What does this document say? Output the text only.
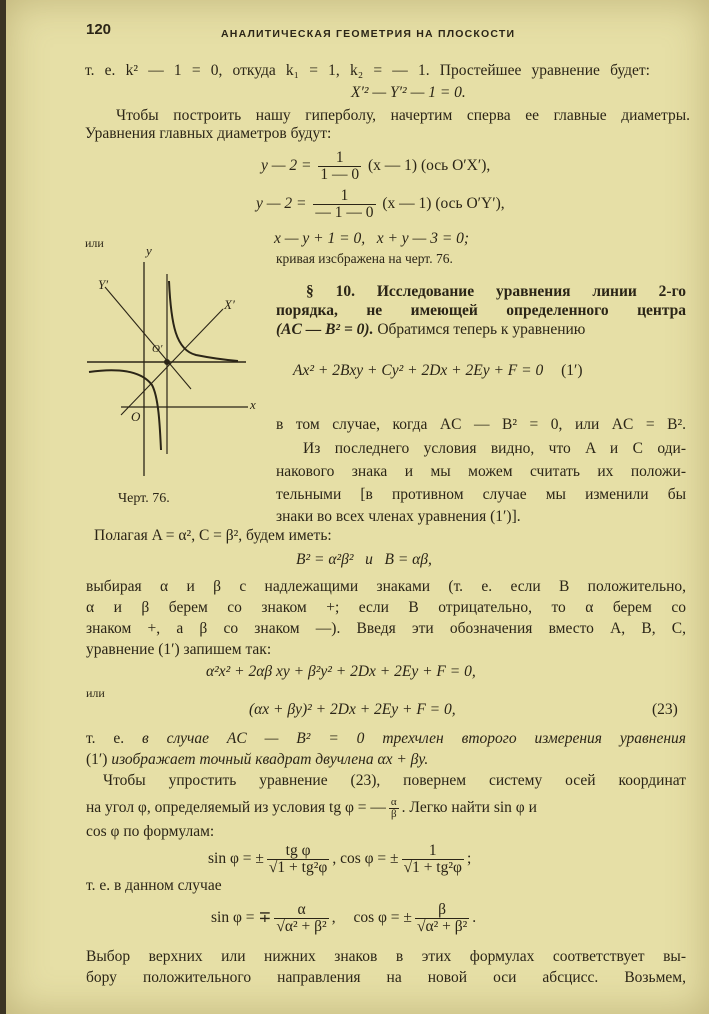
120	АНАЛИТИЧЕСКАЯ ГЕОМЕТРИЯ НА ПЛОСКОСТИ
т. е. k² — 1 = 0, откуда k₁ = 1, k₂ = — 1. Простейшее уравнение будет:
X′² — Y′² — 1 = 0.
Чтобы построить нашу гиперболу, начертим сперва ее главные диаметры.
Уравнения главных диаметров будут:
y — $2 = \frac{1}{1 — 0} (x$ — 1) (ось O′X′),
y — $2 = \frac{1}{— 1 — 0} (x$ — 1) (ось O′Y′),
или	x — y + 1 = 0,   x + y — 3 = 0;
кривая изсбражена на черт. 76.
y
Y′
X′
x
O
O′
Черт. 76.
§ 10. Исследование уравнения линии 2-го
порядка, не имеющей определенного центра
(AC — B² = 0). Обратимся теперь к уравнению
Ax² + 2Bxy + Cy² + 2Dx + 2Ey + F = 0 (1′)
в том случае, когда AC — B² = 0, или AC = B².
Из последнего условия видно, что A и C оди-
накового знака и мы можем считать их положи-
тельными [в противном случае мы изменили бы
знаки во всех членах уравнения (1′)].
Полагая A = α², C = β², будем иметь:
B² = α²β²   и   B = αβ,
выбирая α и β с надлежащими знаками (т. е. если B положительно,
α и β берем со знаком +; если B отрицательно, то α берем со
знаком +, а β со знаком —). Введя эти обозначения вместо A, B, C,
уравнение (1′) запишем так:
α²x² + 2αβ xy + β²y² + 2Dx + 2Ey + F = 0,
или
(αx + βy)² + 2Dx + 2Ey + F = 0,	(23)
т. е. в случае AC — B² = 0 трехчлен второго измерения уравнения
(1′) изображает точный квадрат двучлена αx + βy.
Чтобы упростить уравнение (23), повернем систему осей координат
на угол φ, определяемый из условия tg φ = — $\frac{\alpha}{\beta}$ . Легко найти sin φ и
cos φ по формулам:
sin φ = ± $\frac{\text{tg φ}}{\text{√1 + tg²φ}}$ , cos φ = ± $\frac{1}{\text{√1 + tg²φ}}$ ;
т. е. в данном случае
sin φ = ∓ $\frac{\alpha}{\text{√α² + β²}}$ , cos φ = ± $\frac{\beta}{\text{√α² + β²}}$ .
Выбор верхних или нижних знаков в этих формулах соответствует вы-
бору положительного направления на новой оси абсцисс. Возьмем,
